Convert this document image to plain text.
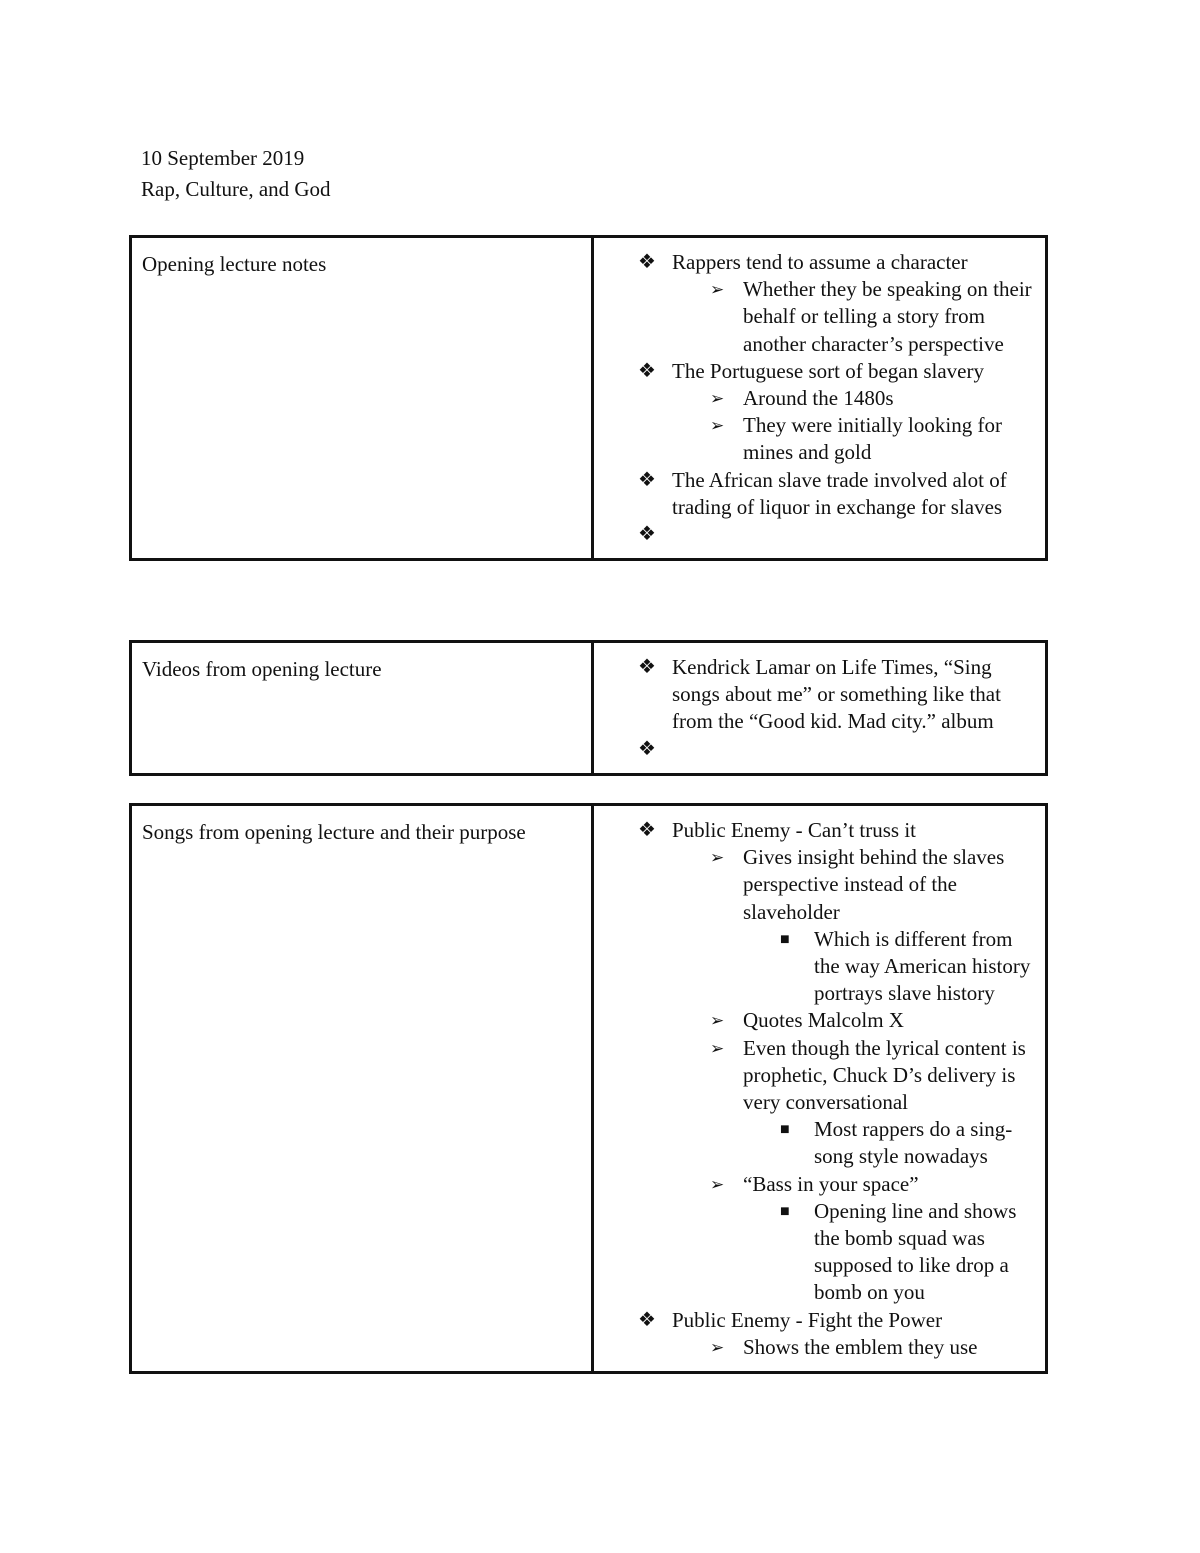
10 September 2019
Rap, Culture, and God
Opening lecture notes	❖ Rappers tend to assume a character
➢ Whether they be speaking on their behalf or telling a story from another character’s perspective
❖ The Portuguese sort of began slavery
➢ Around the 1480s
➢ They were initially looking for mines and gold
❖ The African slave trade involved alot of trading of liquor in exchange for slaves
❖
Videos from opening lecture	❖ Kendrick Lamar on Life Times, “Sing songs about me” or something like that from the “Good kid. Mad city.” album
❖
Songs from opening lecture and their purpose	❖ Public Enemy - Can’t truss it
➢ Gives insight behind the slaves perspective instead of the slaveholder
■ Which is different from the way American history portrays slave history
➢ Quotes Malcolm X
➢ Even though the lyrical content is prophetic, Chuck D’s delivery is very conversational
■ Most rappers do a sing-song style nowadays
➢ “Bass in your space”
■ Opening line and shows the bomb squad was supposed to like drop a bomb on you
❖ Public Enemy - Fight the Power
➢ Shows the emblem they use
